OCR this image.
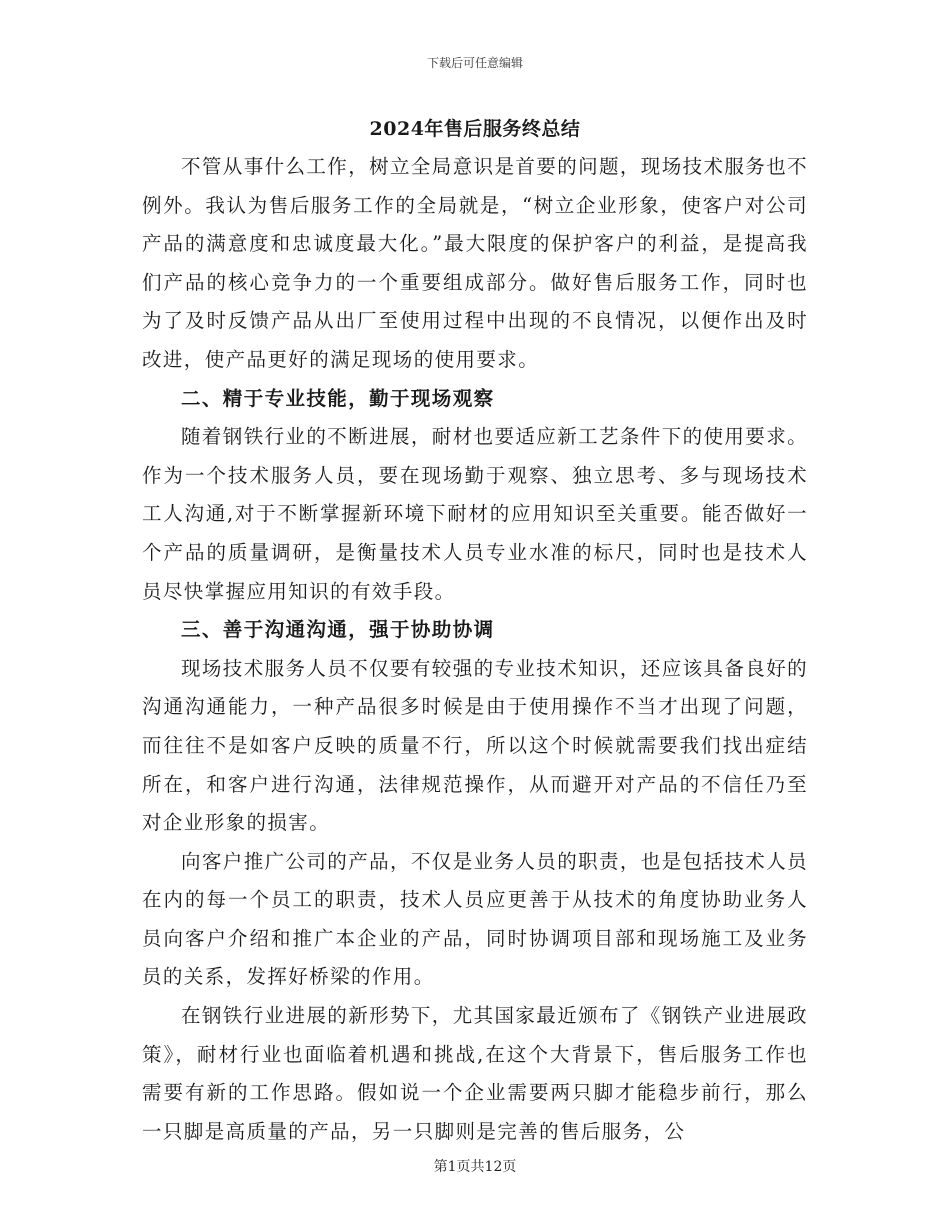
下载后可任意编辑
2024年售后服务终总结

不管从事什么工作，树立全局意识是首要的问题，现场技术服务也不例外。我认为售后服务工作的全局就是，“树立企业形象，使客户对公司产品的满意度和忠诚度最大化。”最大限度的保护客户的利益，是提高我们产品的核心竞争力的一个重要组成部分。做好售后服务工作，同时也为了及时反馈产品从出厂至使用过程中出现的不良情况，以便作出及时改进，使产品更好的满足现场的使用要求。

二、精于专业技能，勤于现场观察

随着钢铁行业的不断进展，耐材也要适应新工艺条件下的使用要求。作为一个技术服务人员，要在现场勤于观察、独立思考、多与现场技术工人沟通,对于不断掌握新环境下耐材的应用知识至关重要。能否做好一个产品的质量调研，是衡量技术人员专业水准的标尺，同时也是技术人员尽快掌握应用知识的有效手段。

三、善于沟通沟通，强于协助协调

现场技术服务人员不仅要有较强的专业技术知识，还应该具备良好的沟通沟通能力，一种产品很多时候是由于使用操作不当才出现了问题，而往往不是如客户反映的质量不行，所以这个时候就需要我们找出症结所在，和客户进行沟通，法律规范操作，从而避开对产品的不信任乃至对企业形象的损害。

向客户推广公司的产品，不仅是业务人员的职责，也是包括技术人员在内的每一个员工的职责，技术人员应更善于从技术的角度协助业务人员向客户介绍和推广本企业的产品，同时协调项目部和现场施工及业务员的关系，发挥好桥梁的作用。

在钢铁行业进展的新形势下，尤其国家最近颁布了《钢铁产业进展政策》，耐材行业也面临着机遇和挑战,在这个大背景下，售后服务工作也需要有新的工作思路。假如说一个企业需要两只脚才能稳步前行，那么一只脚是高质量的产品，另一只脚则是完善的售后服务，公

第1页共12页
